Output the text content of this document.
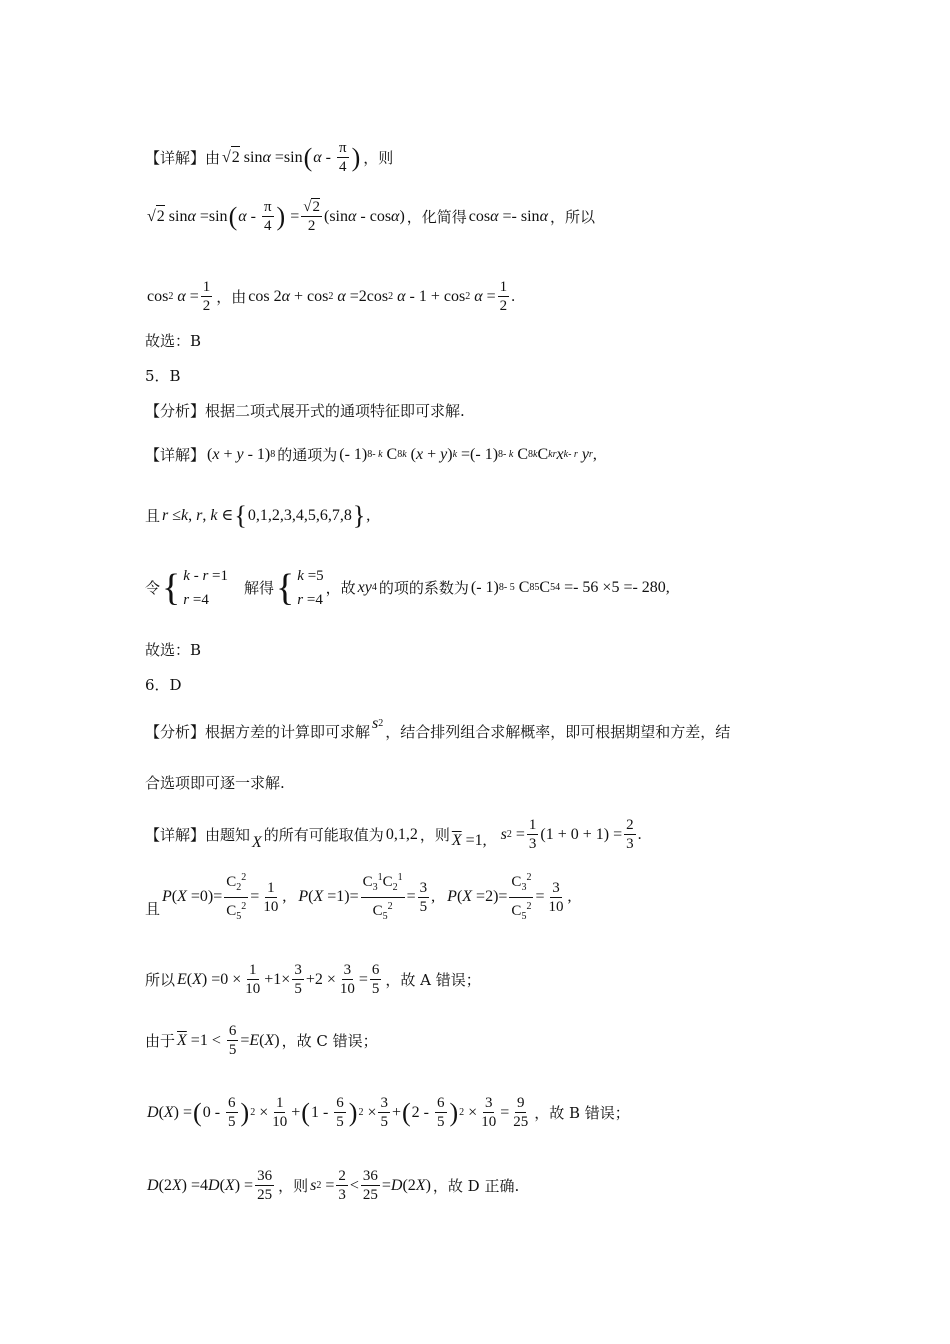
【详解】由 √ 2 sin α =sin ( α - $\frac{\pi}{4}$ ) ，则
√ 2 sin α =sin ( α - $\frac{\pi}{4}$ ) = $\frac{√2}{2} (\sin$ α - cos α ) ，化简得 cos α =- sin α ，所以
cos 2
$\alpha = \frac{1}{2}$ ，由 cos 2 α + cos 2
α =2cos 2
α - 1 + cos 2
$\alpha = \frac{1}{2}$ .
故选：B
5．B
【分析】根据二项式展开式的通项特征即可求解.
【详解】 ( x + y - 1) 8 的通项为 (- 1) 8- k C 8 k ( x + y ) k =(- 1) 8- k C 8 k C k r x k- r
y r ,
且 r ≤ k , r , k ∈ { 0,1,2,3,4,5,6,7,8 } ,
令 { k - r =1
r =4
解得 { k =5
r =4
，故 xy 4 的项的系数为 (- 1) 8- 5 C 8 5 C 5 4 =- 56 ×5 =- 280,
故选：B
6．D
【分析】根据方差的计算即可求解 s 2 ，结合排列组合求解概率，即可根据期望和方差，结
合选项即可逐一求解.
【详解】由题知 X 的所有可能取值为 0,1,2 ，则 $\overline{X} =1$, s $2 = \frac{1}{3} (1 + 0 + 1) = \frac{2}{3}$ .
且
P ( $X =0)= \frac{C_2^2}{C_5^2} = \frac{1}{10}$ , P ( $X =1)= \frac{C_3^1C_2^1}{C_5^2} = \frac{3}{5}$ , P ( $X =2)= \frac{C_3^2}{C_5^2} = \frac{3}{10}$ ,
所以 E ( X ) $=0 \times \frac{1}{10} +1\times \frac{3}{5} +2 \times \frac{3}{10} = \frac{6}{5}$ ，故 A 错误；
由于 $\overline{X} =1 < \frac{6}{5} = E$ ( X ) ，故 C 错误；
D ( X ) = ( $0 - \frac{6}{5}$ ) $2 \times \frac{1}{10}$ + ( $1 - \frac{6}{5}$ ) $2 \times \frac{3}{5}$ + ( $2 - \frac{6}{5}$ ) $2 \times \frac{3}{10} = \frac{9}{25}$ ，故 B 错误；
D (2 X ) =4 D ( X ) = $\frac{36}{25}$ ，则 s $2 = \frac{2}{3} < \frac{36}{25} = D$ (2 X ) ，故 D 正确.
